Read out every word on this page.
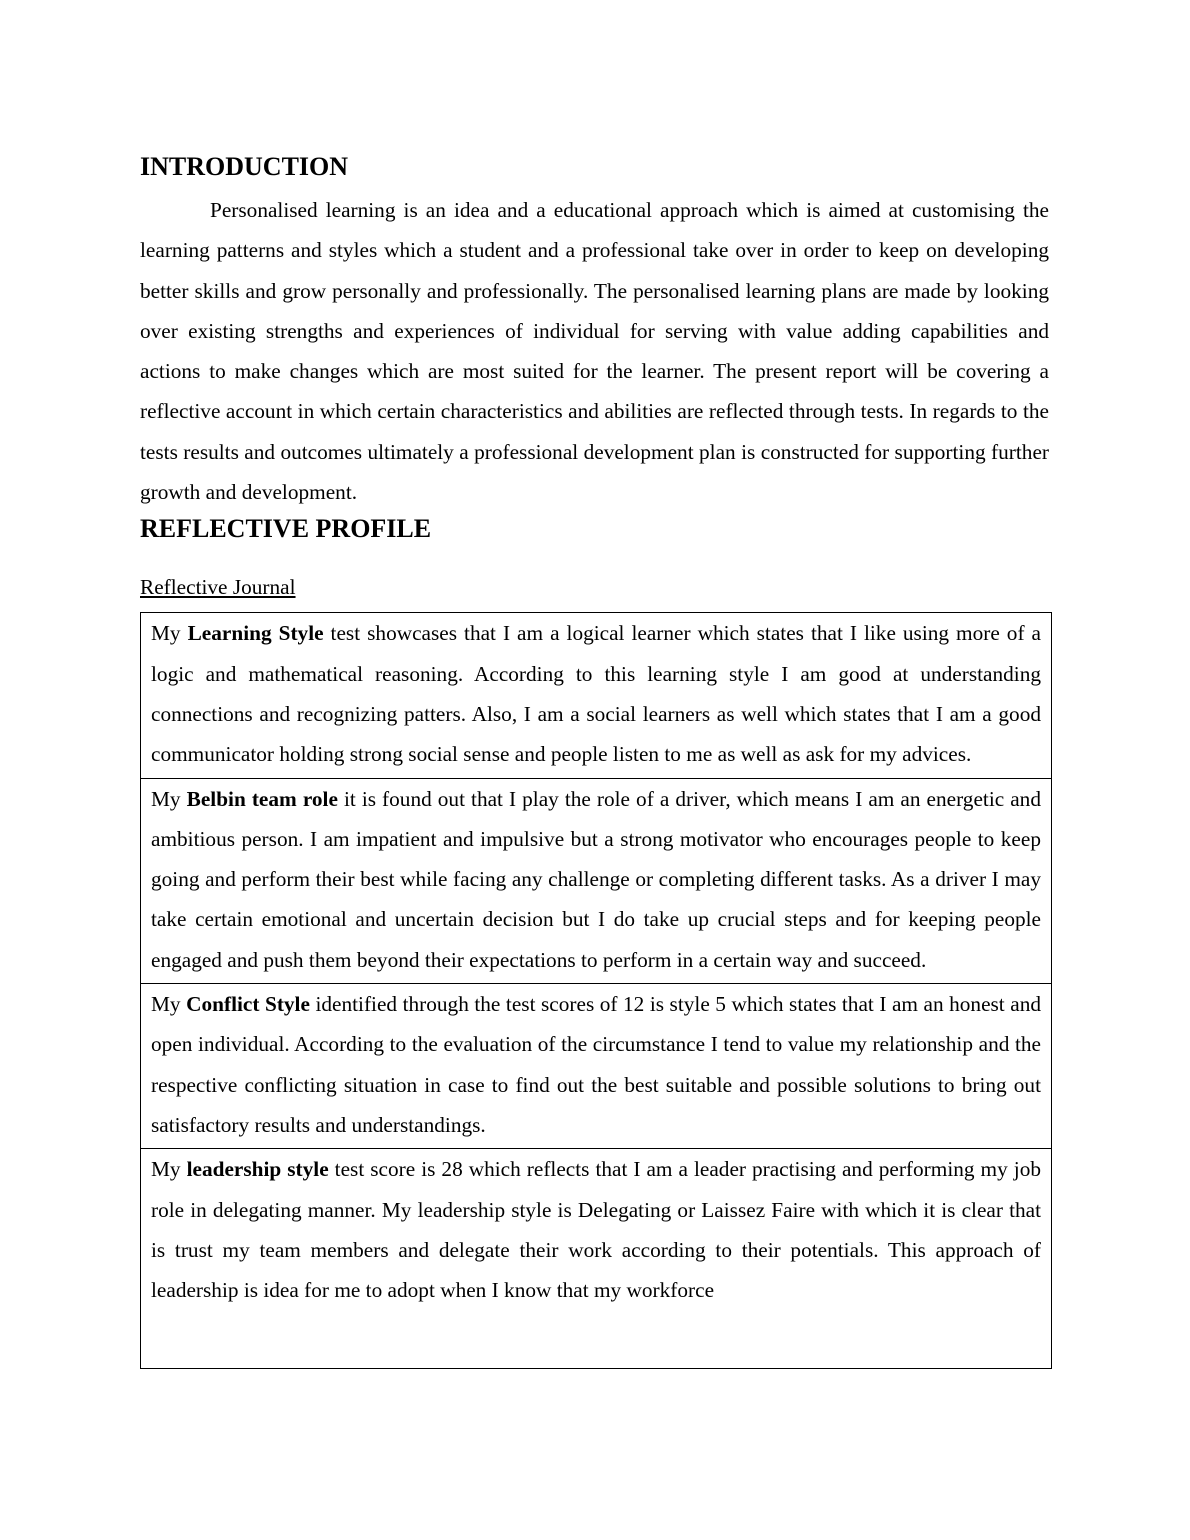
INTRODUCTION

Personalised learning is an idea and a educational approach which is aimed at customising the learning patterns and styles which a student and a professional take over in order to keep on developing better skills and grow personally and professionally. The personalised learning plans are made by looking over existing strengths and experiences of individual for serving with value adding capabilities and actions to make changes which are most suited for the learner. The present report will be covering a reflective account in which certain characteristics and abilities are reflected through tests. In regards to the tests results and outcomes ultimately a professional development plan is constructed for supporting further growth and development.

REFLECTIVE PROFILE
Reflective Journal
My Learning Style test showcases that I am a logical learner which states that I like using more of a logic and mathematical reasoning. According to this learning style I am good at understanding connections and recognizing patters. Also, I am a social learners as well which states that I am a good communicator holding strong social sense and people listen to me as well as ask for my advices.
My Belbin team role it is found out that I play the role of a driver, which means I am an energetic and ambitious person. I am impatient and impulsive but a strong motivator who encourages people to keep going and perform their best while facing any challenge or completing different tasks. As a driver I may take certain emotional and uncertain decision but I do take up crucial steps and for keeping people engaged and push them beyond their expectations to perform in a certain way and succeed.
My Conflict Style identified through the test scores of 12 is style 5 which states that I am an honest and open individual. According to the evaluation of the circumstance I tend to value my relationship and the respective conflicting situation in case to find out the best suitable and possible solutions to bring out satisfactory results and understandings.
My leadership style test score is 28 which reflects that I am a leader practising and performing my job role in delegating manner. My leadership style is Delegating or Laissez Faire with which it is clear that is trust my team members and delegate their work according to their potentials. This approach of leadership is idea for me to adopt when I know that my workforce
